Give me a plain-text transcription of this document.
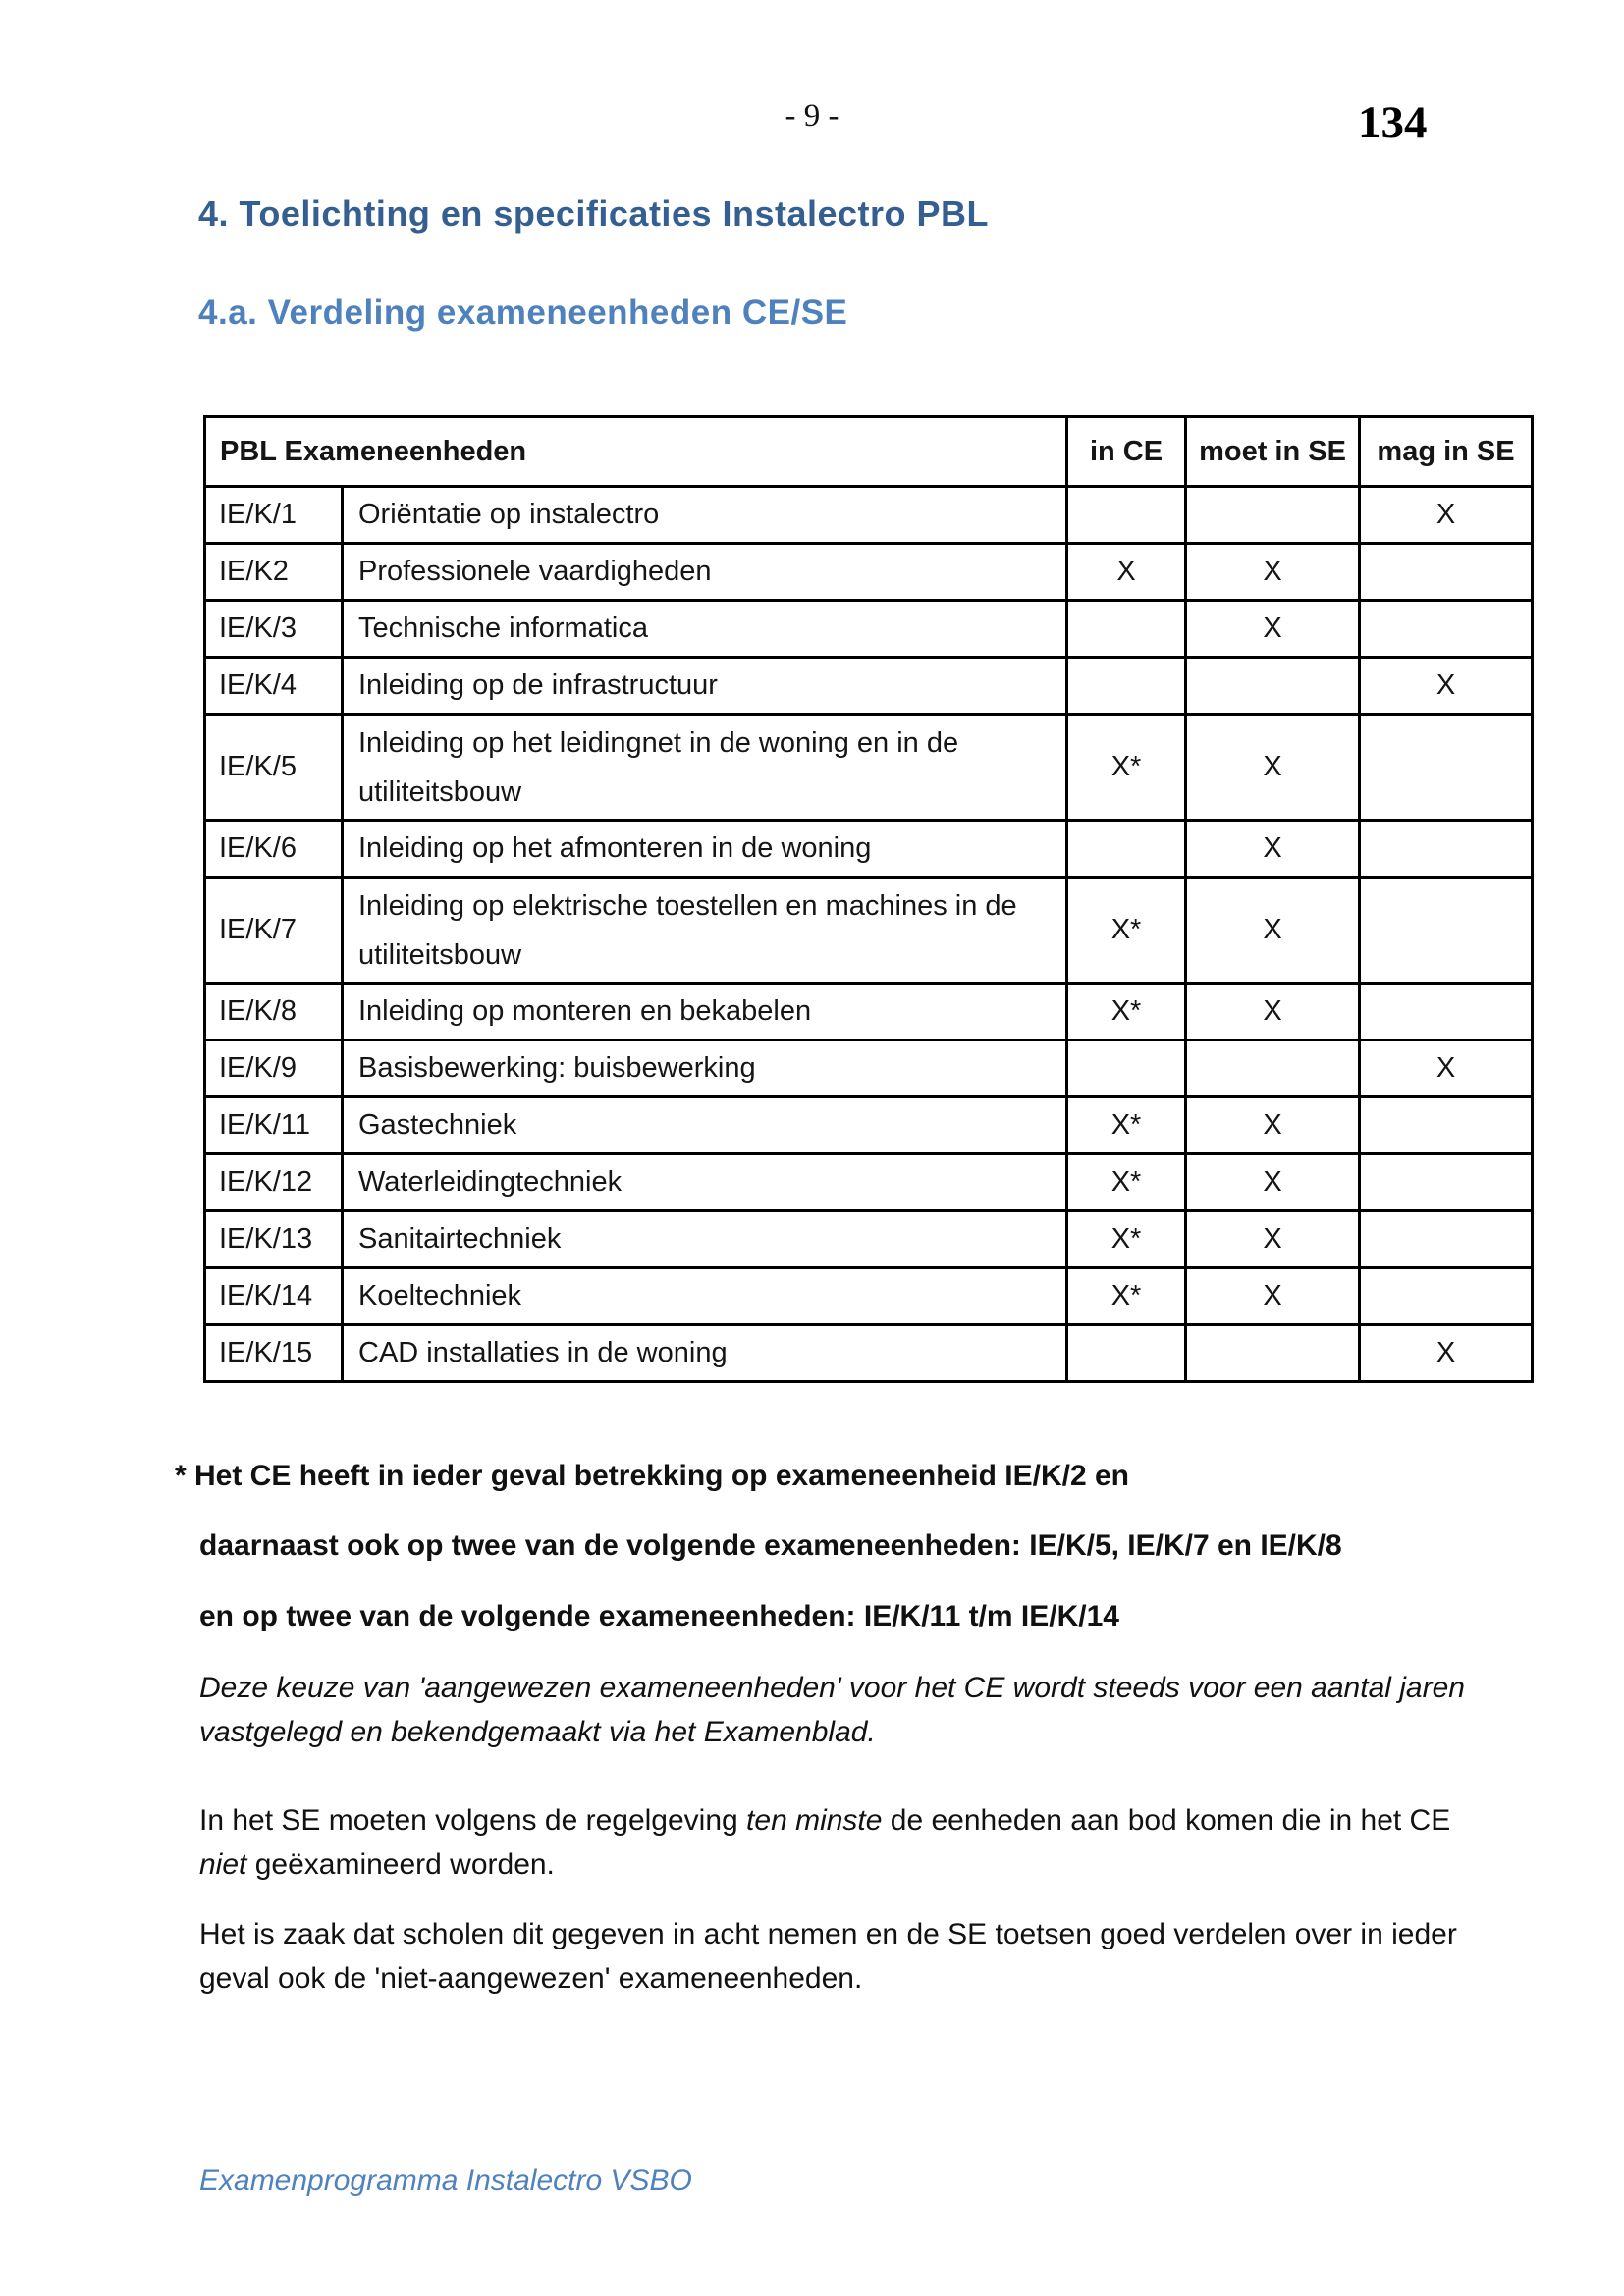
- 9 -	134
4. Toelichting en specificaties Instalectro PBL
4.a. Verdeling exameneenheden CE/SE
PBL Exameneenheden		in CE	moet in SE	mag in SE
IE/K/1	Oriëntatie op instalectro			X
IE/K2	Professionele vaardigheden	X	X	
IE/K/3	Technische informatica		X	
IE/K/4	Inleiding op de infrastructuur			X
IE/K/5	Inleiding op het leidingnet in de woning en in de utiliteitsbouw	X*	X	
IE/K/6	Inleiding op het afmonteren in de woning		X	
IE/K/7	Inleiding op elektrische toestellen en machines in de utiliteitsbouw	X*	X	
IE/K/8	Inleiding op monteren en bekabelen	X*	X	
IE/K/9	Basisbewerking: buisbewerking			X
IE/K/11	Gastechniek	X*	X	
IE/K/12	Waterleidingtechniek	X*	X	
IE/K/13	Sanitairtechniek	X*	X	
IE/K/14	Koeltechniek	X*	X	
IE/K/15	CAD installaties in de woning			X

* Het CE heeft in ieder geval betrekking op exameneenheid IE/K/2 en

daarnaast ook op twee van de volgende exameneenheden: IE/K/5, IE/K/7 en IE/K/8

en op twee van de volgende exameneenheden: IE/K/11 t/m IE/K/14

Deze keuze van 'aangewezen exameneenheden' voor het CE wordt steeds voor een aantal jaren vastgelegd en bekendgemaakt via het Examenblad.

In het SE moeten volgens de regelgeving ten minste de eenheden aan bod komen die in het CE niet geëxamineerd worden.

Het is zaak dat scholen dit gegeven in acht nemen en de SE toetsen goed verdelen over in ieder geval ook de 'niet-aangewezen' exameneenheden.

Examenprogramma Instalectro VSBO
